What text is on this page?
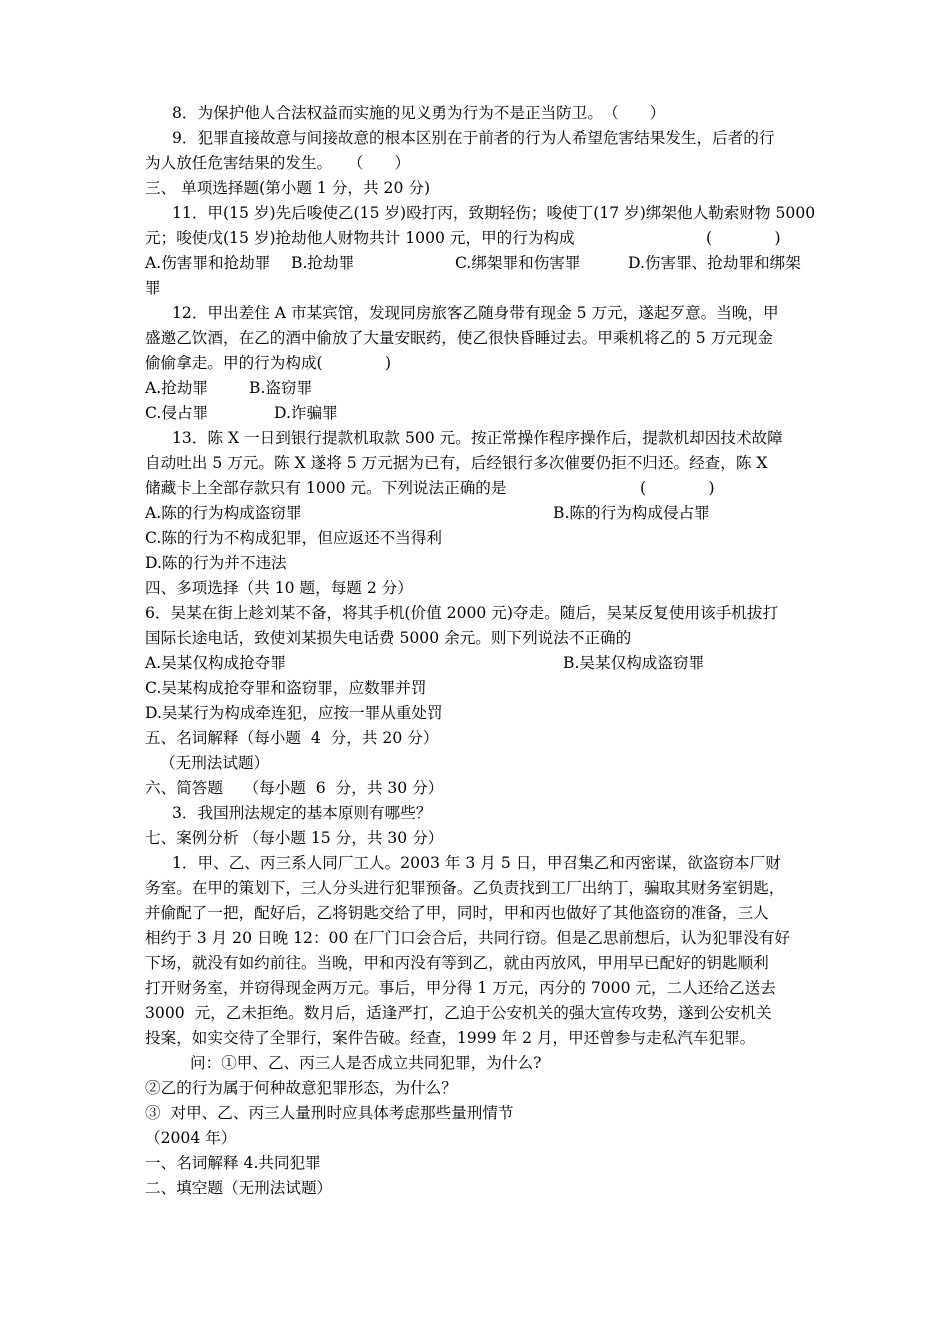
8．为保护他人合法权益而实施的见义勇为行为不是正当防卫。　（　　）
9．犯罪直接故意与间接故意的根本区别在于前者的行为人希望危害结果发生，后者的行
为人放任危害结果的发生。　　（　　）
三、 单项选择题(第小题 1 分，共 20 分)
11．甲(15 岁)先后唆使乙(15 岁)殴打丙，致期轻伤；唆使丁(17 岁)绑架他人勒索财物 5000
元；唆使戊(15 岁)抢劫他人财物共计 1000 元，甲的行为构成	(　　　　)
A.伤害罪和抢劫罪 B.抢劫罪	C.绑架罪和伤害罪	D.伤害罪、抢劫罪和绑架
罪
12．甲出差住 A 市某宾馆，发现同房旅客乙随身带有现金 5 万元，遂起歹意。当晚，甲
盛邀乙饮酒，在乙的酒中偷放了大量安眠药，使乙很快昏睡过去。甲乘机将乙的 5 万元现金
偷偷拿走。甲的行为构成(　　　　)
A.抢劫罪	B.盗窃罪
C.侵占罪	D.诈骗罪
13．陈 X 一日到银行提款机取款 500 元。按正常操作程序操作后，提款机却因技术故障
自动吐出 5 万元。陈 X 遂将 5 万元据为已有，后经银行多次催要仍拒不归还。经查，陈 X
储藏卡上全部存款只有 1000 元。下列说法正确的是	(　　　　)
A.陈的行为构成盗窃罪	B.陈的行为构成侵占罪
C.陈的行为不构成犯罪，但应返还不当得利
D.陈的行为并不违法
四、多项选择（共 10 题，每题 2 分）
6．吴某在街上趁刘某不备，将其手机(价值 2000 元)夺走。随后，吴某反复使用该手机拔打
国际长途电话，致使刘某损失电话费 5000 余元。则下列说法不正确的
A.吴某仅构成抢夺罪	B.吴某仅构成盗窃罪
C.吴某构成抢夺罪和盗窃罪，应数罪并罚
D.吴某行为构成牵连犯，应按一罪从重处罚
五、名词解释（每小题  4  分，共 20 分）
（无刑法试题）
六、简答题　 （每小题  6  分，共 30 分）
3．我国刑法规定的基本原则有哪些？
七、案例分析 （每小题 15 分，共 30 分）
1．甲、乙、丙三系人同厂工人。2003 年 3 月 5 日，甲召集乙和丙密谋，欲盗窃本厂财
务室。在甲的策划下，三人分头进行犯罪预备。乙负责找到工厂出纳丁，骗取其财务室钥匙，
并偷配了一把，配好后，乙将钥匙交给了甲，同时，甲和丙也做好了其他盗窃的准备，三人
相约于 3 月 20 日晚 12：00 在厂门口会合后，共同行窃。但是乙思前想后，认为犯罪没有好
下场，就没有如约前往。当晚，甲和丙没有等到乙，就由丙放风，甲用早已配好的钥匙顺利
打开财务室，并窃得现金两万元。事后，甲分得 1 万元，丙分的 7000 元，二人还给乙送去
3000  元，乙未拒绝。数月后，适逢严打，乙迫于公安机关的强大宣传攻势，遂到公安机关
投案，如实交待了全罪行，案件告破。经查，1999 年 2 月，甲还曾参与走私汽车犯罪。
问：①甲、乙、丙三人是否成立共同犯罪，为什么?
②乙的行为属于何种故意犯罪形态，为什么？
③  对甲、乙、丙三人量刑时应具体考虑那些量刑情节
（2004 年）
一、名词解释 4.共同犯罪
二、填空题（无刑法试题）
